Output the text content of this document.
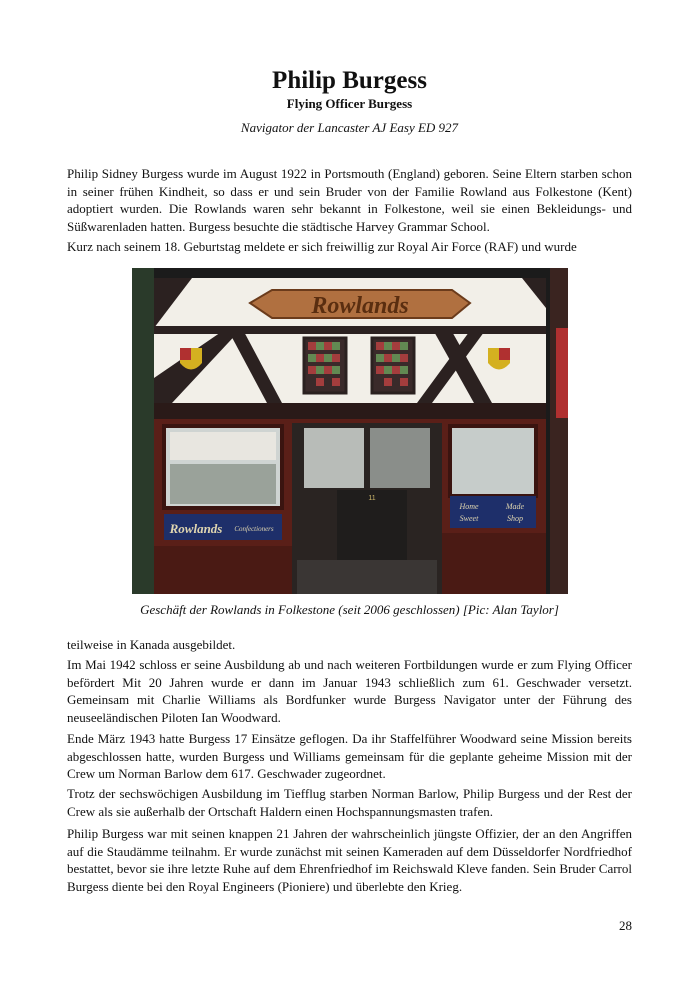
Philip Burgess
Flying Officer Burgess
Navigator der Lancaster AJ Easy ED 927

Philip Sidney Burgess wurde im August 1922 in Portsmouth (England) geboren. Seine Eltern starben schon in seiner frühen Kindheit, so dass er und sein Bruder von der Familie Rowland aus Folkestone (Kent) adoptiert wurden. Die Rowlands waren sehr bekannt in Folkestone, weil sie einen Bekleidungs- und Süßwarenladen hatten. Burgess besuchte die städtische Harvey Grammar School.

Kurz nach seinem 18. Geburtstag meldete er sich freiwillig zur Royal Air Force (RAF) und wurde

Rowlands
Rowlands Confectioners
11
Home	Made
Sweet	Shop
Geschäft der Rowlands in Folkestone (seit 2006 geschlossen) [Pic: Alan Taylor]

teilweise in Kanada ausgebildet.

Im Mai 1942 schloss er seine Ausbildung ab und nach weiteren Fortbildungen wurde er zum Flying Officer befördert Mit 20 Jahren wurde er dann im Januar 1943 schließlich zum 61. Geschwader versetzt. Gemeinsam mit Charlie Williams als Bordfunker wurde Burgess Navigator unter der Führung des neuseeländischen Piloten Ian Woodward.

Ende März 1943 hatte Burgess 17 Einsätze geflogen. Da ihr Staffelführer Woodward seine Mission bereits abgeschlossen hatte, wurden Burgess und Williams gemeinsam für die geplante geheime Mission mit der Crew um Norman Barlow dem 617. Geschwader zugeordnet.

Trotz der sechswöchigen Ausbildung im Tiefflug starben Norman Barlow, Philip Burgess und der Rest der Crew als sie außerhalb der Ortschaft Haldern einen Hochspannungsmasten trafen.

Philip Burgess war mit seinen knappen 21 Jahren der wahrscheinlich jüngste Offizier, der an den Angriffen auf die Staudämme teilnahm. Er wurde zunächst mit seinen Kameraden auf dem Düsseldorfer Nordfriedhof bestattet, bevor sie ihre letzte Ruhe auf dem Ehrenfriedhof im Reichswald Kleve fanden. Sein Bruder Carrol Burgess diente bei den Royal Engineers (Pioniere) und überlebte den Krieg.

28
